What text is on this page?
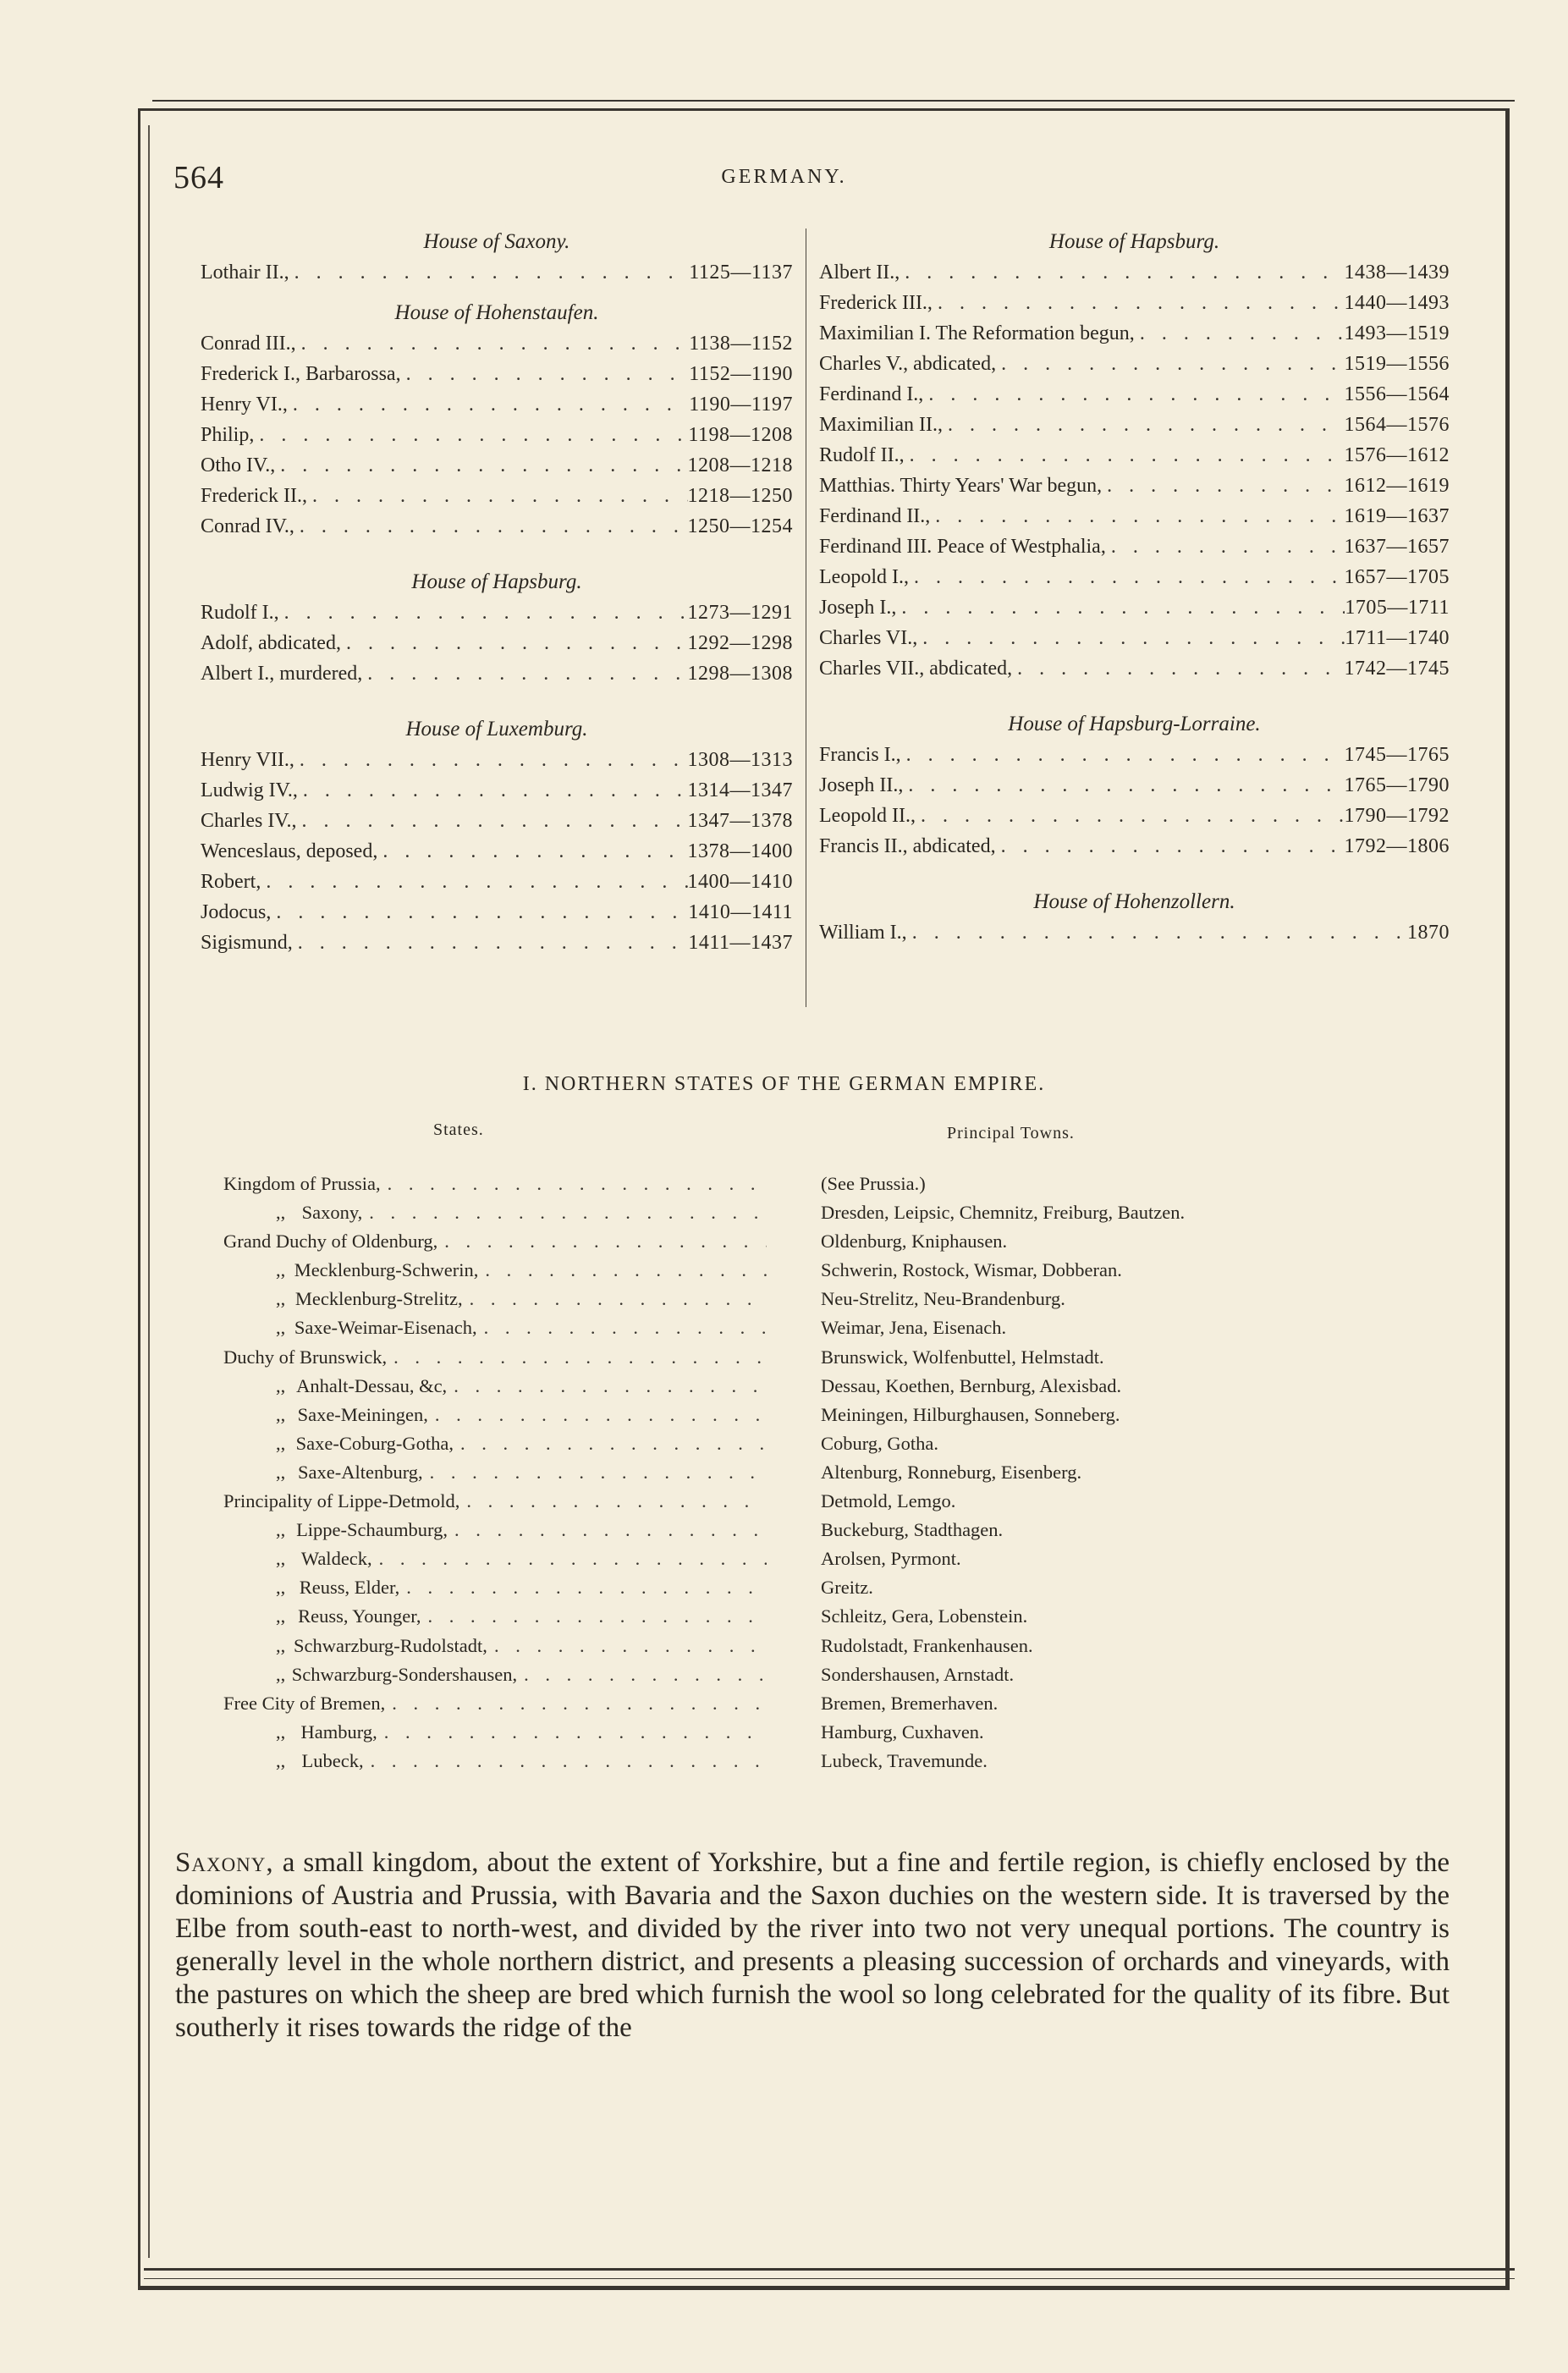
564	GERMANY.
House of Saxony.
Lothair II., . . .	1125—1137
House of Hohenstaufen.
Conrad III., . . .	1138—1152
Frederick I., Barbarossa, . . .	1152—1190
Henry VI., . . .	1190—1197
Philip, . . .	1198—1208
Otho IV., . . .	1208—1218
Frederick II., . . .	1218—1250
Conrad IV., . . .	1250—1254
House of Hapsburg.
Rudolf I., . . .	1273—1291
Adolf, abdicated, . . .	1292—1298
Albert I., murdered, . . .	1298—1308
House of Luxemburg.
Henry VII., . . .	1308—1313
Ludwig IV., . . .	1314—1347
Charles IV., . . .	1347—1378
Wenceslaus, deposed, . . .	1378—1400
Robert, . . .	1400—1410
Jodocus, . . .	1410—1411
Sigismund, . . .	1411—1437
House of Hapsburg.
Albert II., . . .	1438—1439
Frederick III., . . .	1440—1493
Maximilian I. The Reformation begun, . . .	1493—1519
Charles V., abdicated, . . .	1519—1556
Ferdinand I., . . .	1556—1564
Maximilian II., . . .	1564—1576
Rudolf II., . . .	1576—1612
Matthias. Thirty Years' War begun, . . .	1612—1619
Ferdinand II., . . .	1619—1637
Ferdinand III. Peace of Westphalia, . . .	1637—1657
Leopold I., . . .	1657—1705
Joseph I., . . .	1705—1711
Charles VI., . . .	1711—1740
Charles VII., abdicated, . . .	1742—1745
House of Hapsburg-Lorraine.
Francis I., . . .	1745—1765
Joseph II., . . .	1765—1790
Leopold II., . . .	1790—1792
Francis II., abdicated, . . .	1792—1806
House of Hohenzollern.
William I., . . .	1870
I. NORTHERN STATES OF THE GERMAN EMPIRE.
States.	Principal Towns.
Kingdom of Prussia, . . .	(See Prussia.)
,, Saxony, . . .	Dresden, Leipsic, Chemnitz, Freiburg, Bautzen.
Grand Duchy of Oldenburg, . . .	Oldenburg, Kniphausen.
,, Mecklenburg-Schwerin, . . .	Schwerin, Rostock, Wismar, Dobberan.
,, Mecklenburg-Strelitz, . . .	Neu-Strelitz, Neu-Brandenburg.
,, Saxe-Weimar-Eisenach, . . .	Weimar, Jena, Eisenach.
Duchy of Brunswick, . . .	Brunswick, Wolfenbuttel, Helmstadt.
,, Anhalt-Dessau, &c, . . .	Dessau, Koethen, Bernburg, Alexisbad.
,, Saxe-Meiningen, . . .	Meiningen, Hilburghausen, Sonneberg.
,, Saxe-Coburg-Gotha, . . .	Coburg, Gotha.
,, Saxe-Altenburg, . . .	Altenburg, Ronneburg, Eisenberg.
Principality of Lippe-Detmold, . . .	Detmold, Lemgo.
,, Lippe-Schaumburg, . . .	Buckeburg, Stadthagen.
,, Waldeck, . . .	Arolsen, Pyrmont.
,, Reuss, Elder, . . .	Greitz.
,, Reuss, Younger, . . .	Schleitz, Gera, Lobenstein.
,, Schwarzburg-Rudolstadt, . . .	Rudolstadt, Frankenhausen.
,, Schwarzburg-Sondershausen, . . .	Sondershausen, Arnstadt.
Free City of Bremen, . . .	Bremen, Bremerhaven.
,, Hamburg, . . .	Hamburg, Cuxhaven.
,, Lubeck, . . .	Lubeck, Travemunde.
Saxony, a small kingdom, about the extent of Yorkshire, but a fine and fertile region, is chiefly enclosed by the dominions of Austria and Prussia, with Bavaria and the Saxon duchies on the western side. It is traversed by the Elbe from south-east to north-west, and divided by the river into two not very unequal portions. The country is generally level in the whole northern district, and presents a pleasing succession of orchards and vineyards, with the pastures on which the sheep are bred which furnish the wool so long celebrated for the quality of its fibre. But southerly it rises towards the ridge of the
